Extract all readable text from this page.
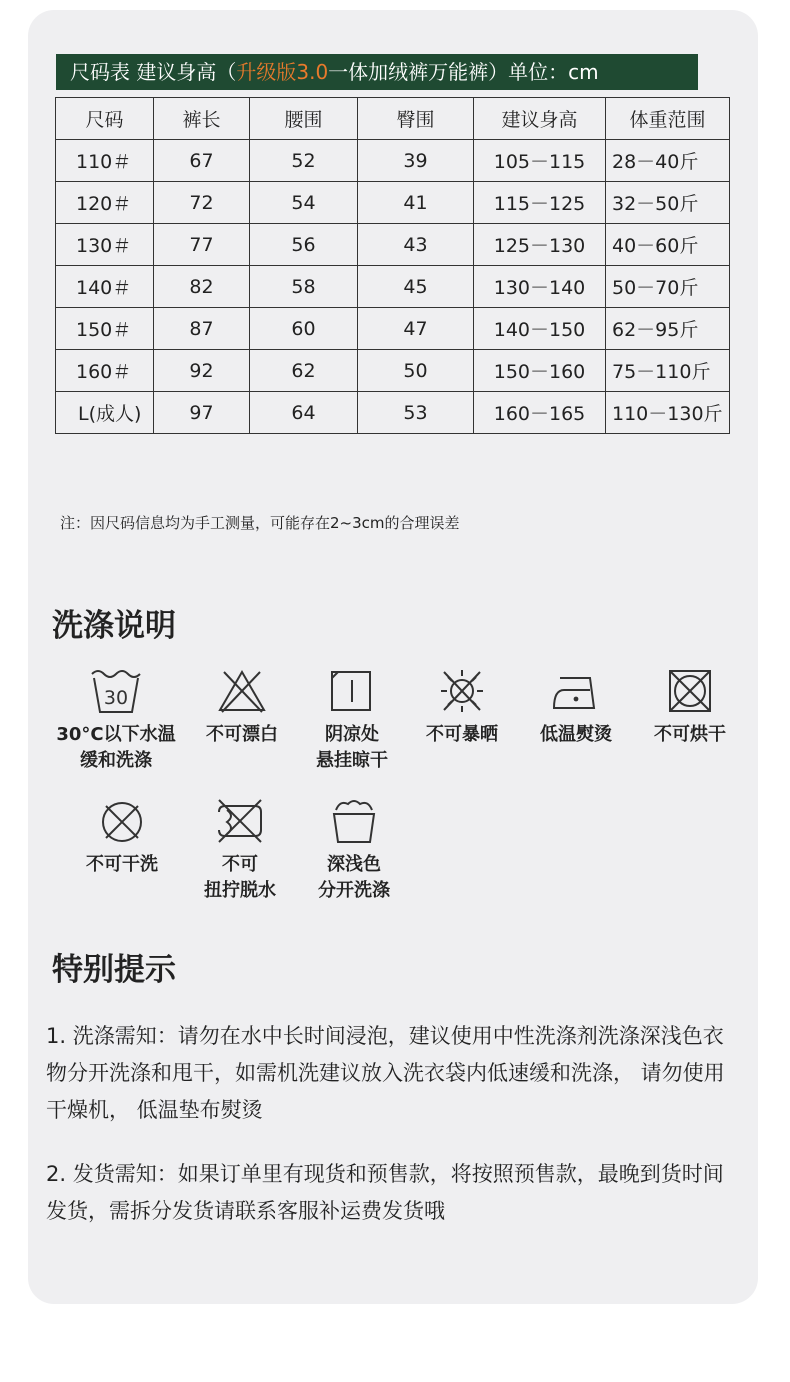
尺码表 建议身高（升级版3.0一体加绒裤万能裤）单位：cm
尺码	裤长	腰围	臀围	建议身高	体重范围
110＃	67	52	39	105－115	28－40斤
120＃	72	54	41	115－125	32－50斤
130＃	77	56	43	125－130	40－60斤
140＃	82	58	45	130－140	50－70斤
150＃	87	60	47	140－150	62－95斤
160＃	92	62	50	150－160	75－110斤
L(成人)	97	64	53	160－165	110－130斤
注：因尺码信息均为手工测量，可能存在2~3cm的合理误差
洗涤说明
30
30°C以下水温
缓和洗涤
不可漂白	阴凉处
悬挂晾干
不可暴晒	低温熨烫	不可烘干
不可干洗	不可
扭拧脱水
深浅色
分开洗涤
特别提示
1. 洗涤需知：请勿在水中长时间浸泡，建议使用中性洗涤剂洗涤深浅色衣物分开洗涤和甩干，如需机洗建议放入洗衣袋内低速缓和洗涤， 请勿使用干燥机， 低温垫布熨烫
2. 发货需知：如果订单里有现货和预售款，将按照预售款，最晚到货时间发货，需拆分发货请联系客服补运费发货哦
